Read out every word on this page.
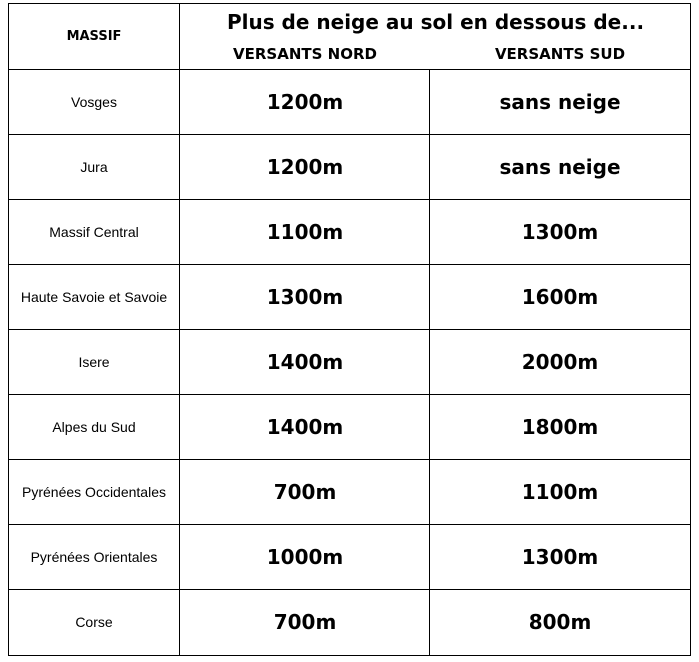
MASSIF
Plus de neige au sol en dessous de...
VERSANTS NORD	VERSANTS SUD
Vosges	1200m	sans neige
Jura	1200m	sans neige
Massif Central	1100m	1300m
Haute Savoie et Savoie	1300m	1600m
Isere	1400m	2000m
Alpes du Sud	1400m	1800m
Pyrénées Occidentales	700m	1100m
Pyrénées Orientales	1000m	1300m
Corse	700m	800m
